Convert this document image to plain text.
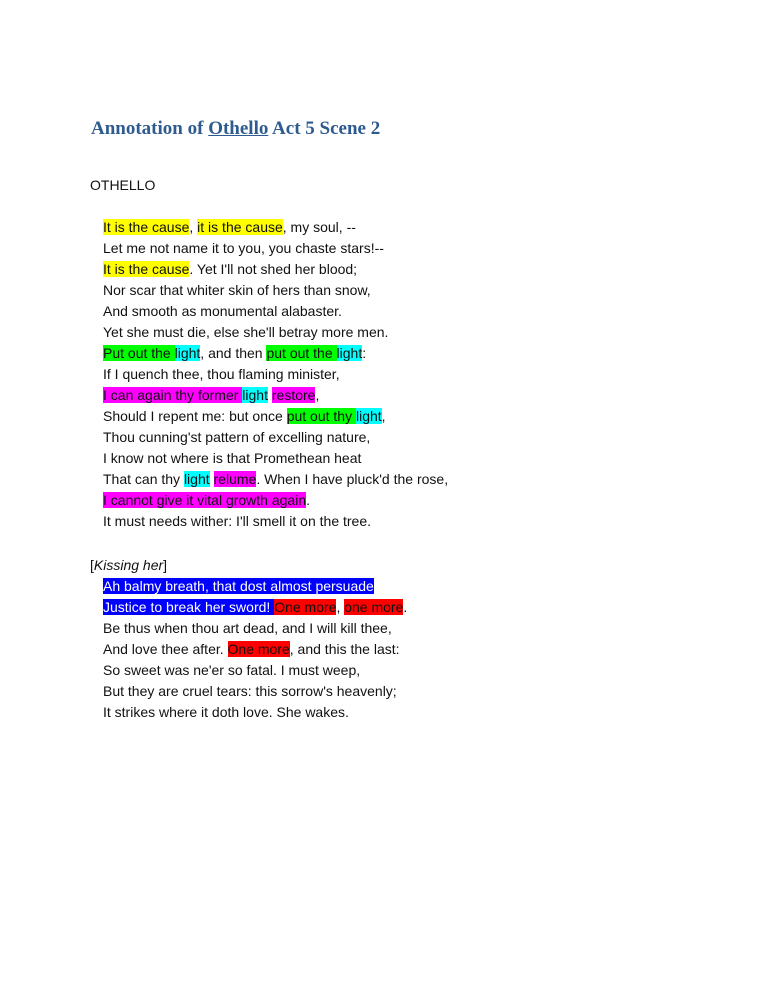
Annotation of Othello Act 5 Scene 2

OTHELLO

It is the cause, it is the cause, my soul, --
Let me not name it to you, you chaste stars!--
It is the cause. Yet I'll not shed her blood;
Nor scar that whiter skin of hers than snow,
And smooth as monumental alabaster.
Yet she must die, else she'll betray more men.
Put out the light, and then put out the light:
If I quench thee, thou flaming minister,
I can again thy former light restore,
Should I repent me: but once put out thy light,
Thou cunning'st pattern of excelling nature,
I know not where is that Promethean heat
That can thy light relume. When I have pluck'd the rose,
I cannot give it vital growth again.
It must needs wither: I'll smell it on the tree.
[Kissing her]
Ah balmy breath, that dost almost persuade
Justice to break her sword! One more, one more.
Be thus when thou art dead, and I will kill thee,
And love thee after. One more, and this the last:
So sweet was ne'er so fatal. I must weep,
But they are cruel tears: this sorrow's heavenly;
It strikes where it doth love. She wakes.
